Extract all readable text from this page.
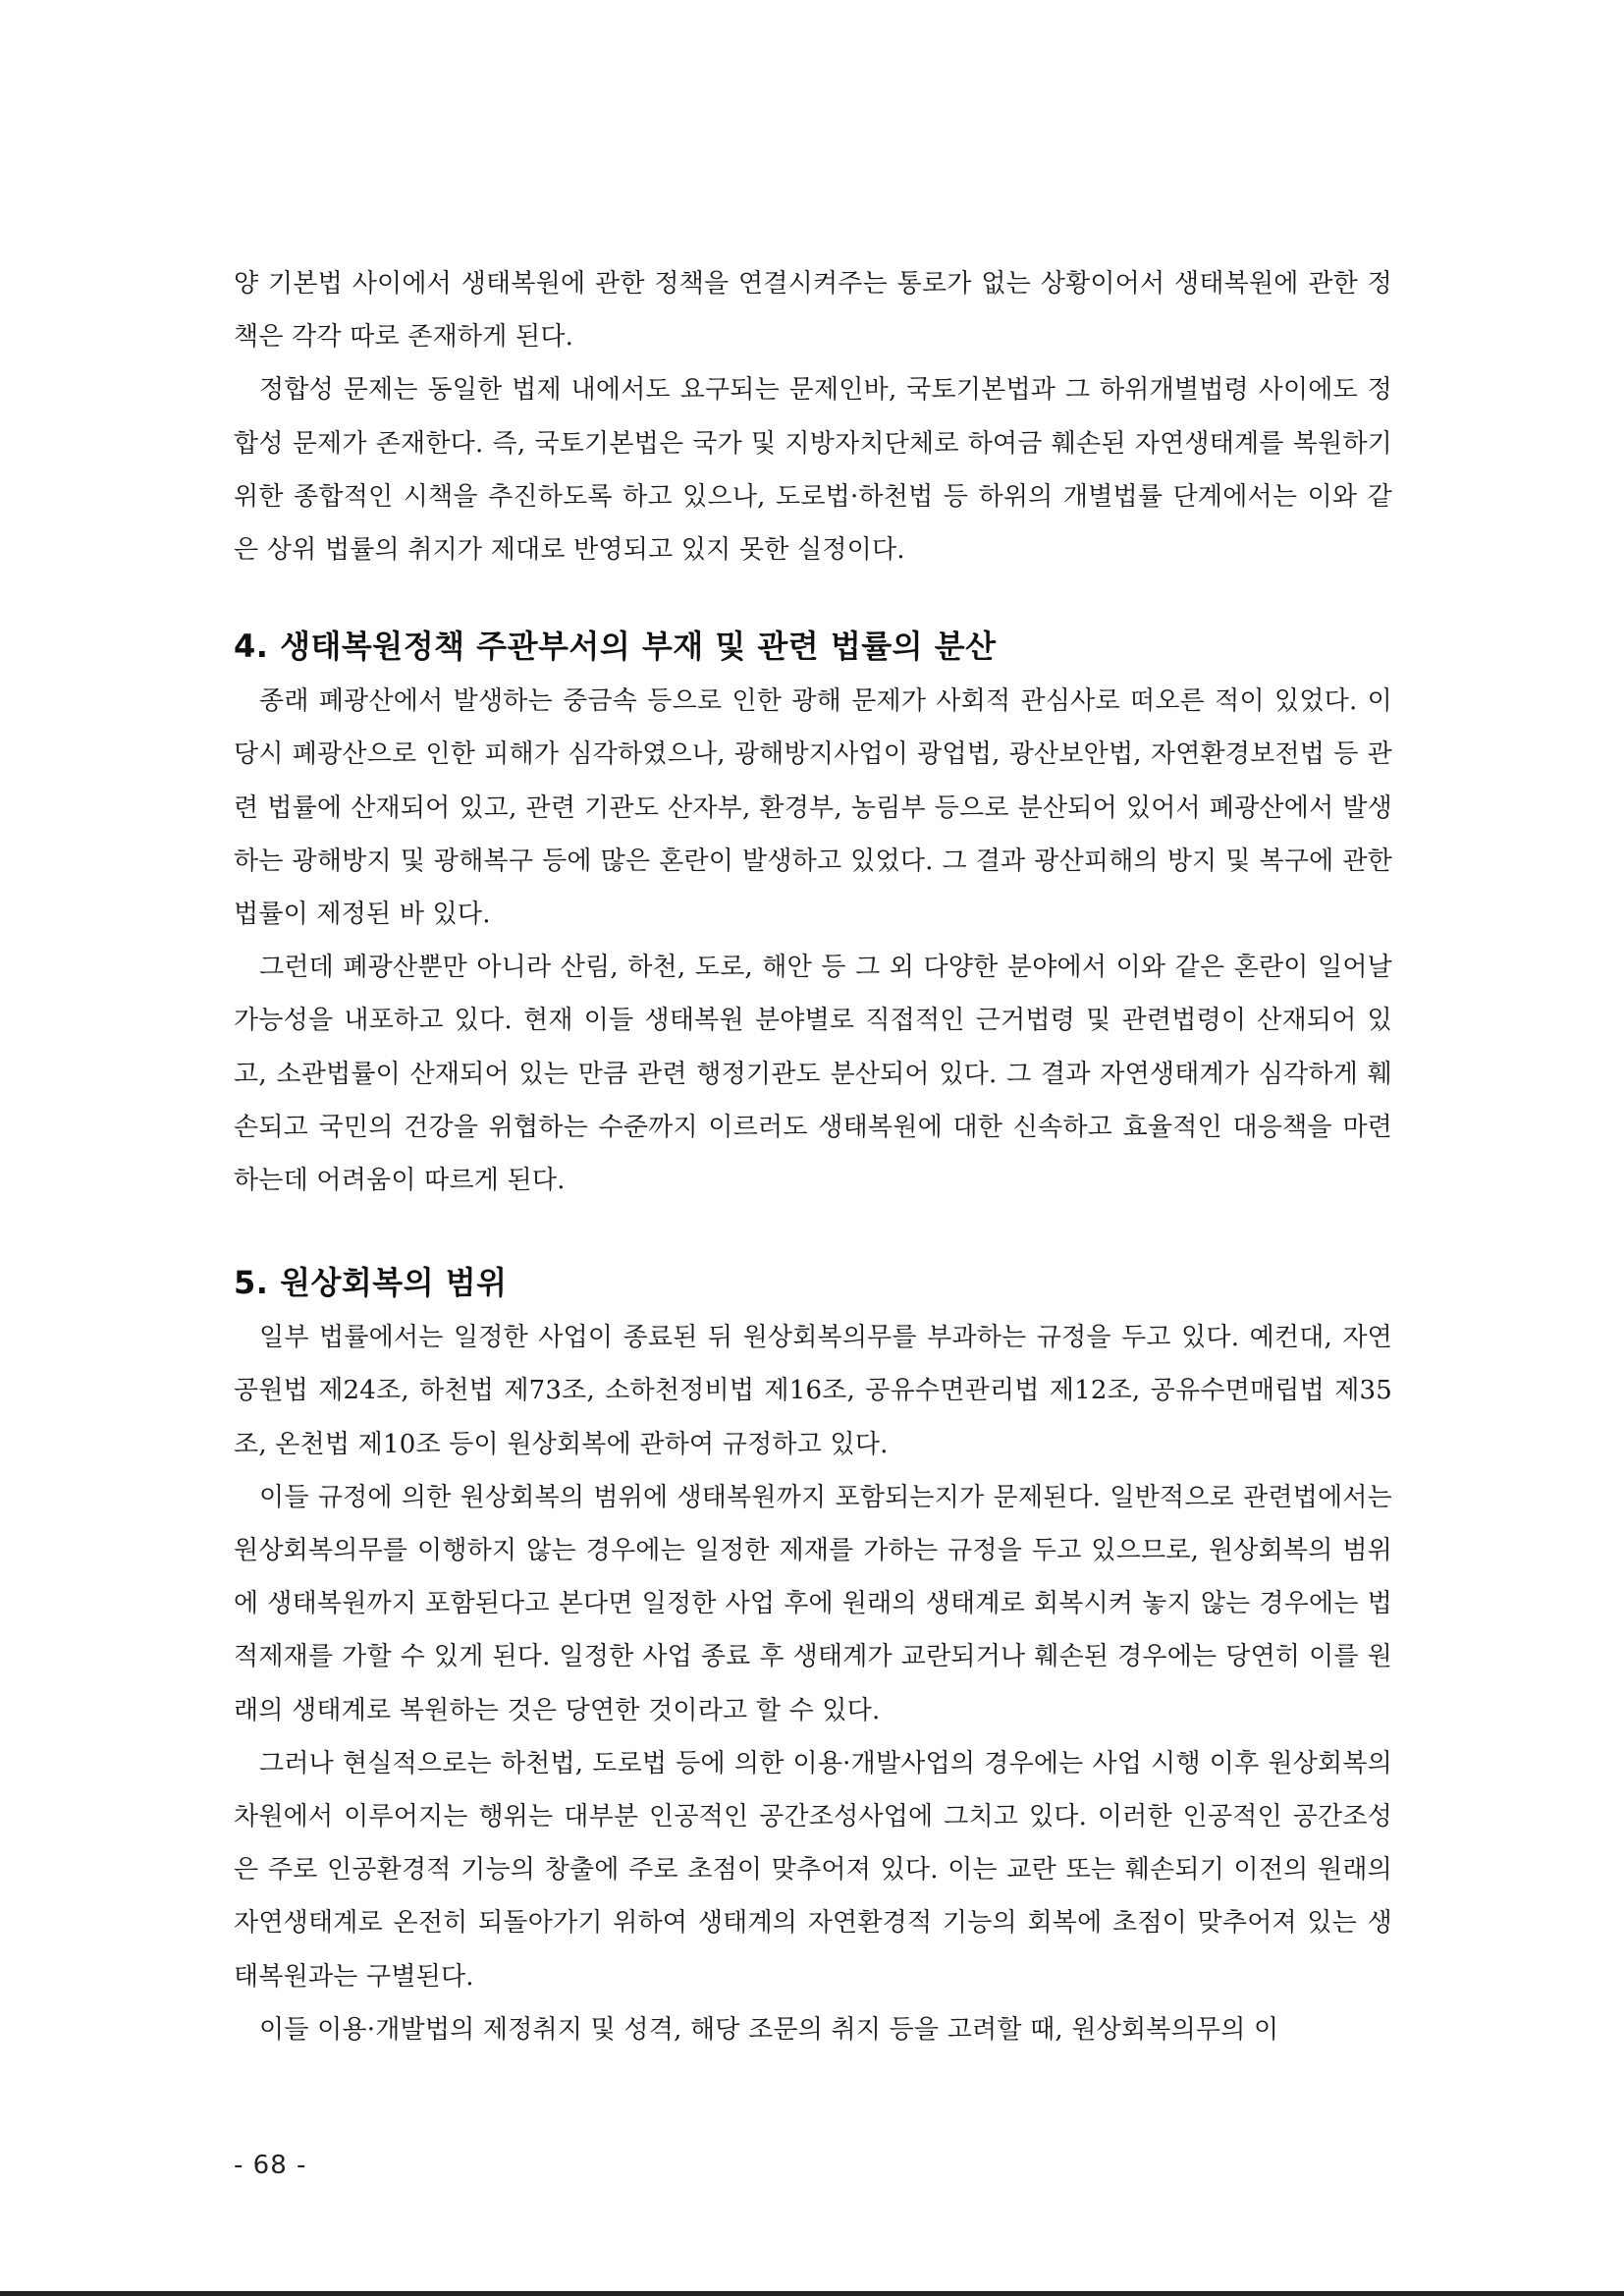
양 기본법 사이에서 생태복원에 관한 정책을 연결시켜주는 통로가 없는 상황이어서 생태복원에 관한 정책은 각각 따로 존재하게 된다.

정합성 문제는 동일한 법제 내에서도 요구되는 문제인바, 국토기본법과 그 하위개별법령 사이에도 정합성 문제가 존재한다. 즉, 국토기본법은 국가 및 지방자치단체로 하여금 훼손된 자연생태계를 복원하기 위한 종합적인 시책을 추진하도록 하고 있으나, 도로법·하천법 등 하위의 개별법률 단계에서는 이와 같은 상위 법률의 취지가 제대로 반영되고 있지 못한 실정이다.

4. 생태복원정책 주관부서의 부재 및 관련 법률의 분산

종래 폐광산에서 발생하는 중금속 등으로 인한 광해 문제가 사회적 관심사로 떠오른 적이 있었다. 이 당시 폐광산으로 인한 피해가 심각하였으나, 광해방지사업이 광업법, 광산보안법, 자연환경보전법 등 관련 법률에 산재되어 있고, 관련 기관도 산자부, 환경부, 농림부 등으로 분산되어 있어서 폐광산에서 발생하는 광해방지 및 광해복구 등에 많은 혼란이 발생하고 있었다. 그 결과 광산피해의 방지 및 복구에 관한 법률이 제정된 바 있다.

그런데 폐광산뿐만 아니라 산림, 하천, 도로, 해안 등 그 외 다양한 분야에서 이와 같은 혼란이 일어날 가능성을 내포하고 있다. 현재 이들 생태복원 분야별로 직접적인 근거법령 및 관련법령이 산재되어 있고, 소관법률이 산재되어 있는 만큼 관련 행정기관도 분산되어 있다. 그 결과 자연생태계가 심각하게 훼손되고 국민의 건강을 위협하는 수준까지 이르러도 생태복원에 대한 신속하고 효율적인 대응책을 마련하는데 어려움이 따르게 된다.

5. 원상회복의 범위

일부 법률에서는 일정한 사업이 종료된 뒤 원상회복의무를 부과하는 규정을 두고 있다. 예컨대, 자연공원법 제24조, 하천법 제73조, 소하천정비법 제16조, 공유수면관리법 제12조, 공유수면매립법 제35조, 온천법 제10조 등이 원상회복에 관하여 규정하고 있다.

이들 규정에 의한 원상회복의 범위에 생태복원까지 포함되는지가 문제된다. 일반적으로 관련법에서는 원상회복의무를 이행하지 않는 경우에는 일정한 제재를 가하는 규정을 두고 있으므로, 원상회복의 범위에 생태복원까지 포함된다고 본다면 일정한 사업 후에 원래의 생태계로 회복시켜 놓지 않는 경우에는 법적제재를 가할 수 있게 된다. 일정한 사업 종료 후 생태계가 교란되거나 훼손된 경우에는 당연히 이를 원래의 생태계로 복원하는 것은 당연한 것이라고 할 수 있다.

그러나 현실적으로는 하천법, 도로법 등에 의한 이용·개발사업의 경우에는 사업 시행 이후 원상회복의 차원에서 이루어지는 행위는 대부분 인공적인 공간조성사업에 그치고 있다. 이러한 인공적인 공간조성은 주로 인공환경적 기능의 창출에 주로 초점이 맞추어져 있다. 이는 교란 또는 훼손되기 이전의 원래의 자연생태계로 온전히 되돌아가기 위하여 생태계의 자연환경적 기능의 회복에 초점이 맞추어져 있는 생태복원과는 구별된다.

이들 이용·개발법의 제정취지 및 성격, 해당 조문의 취지 등을 고려할 때, 원상회복의무의 이

- 68 -
